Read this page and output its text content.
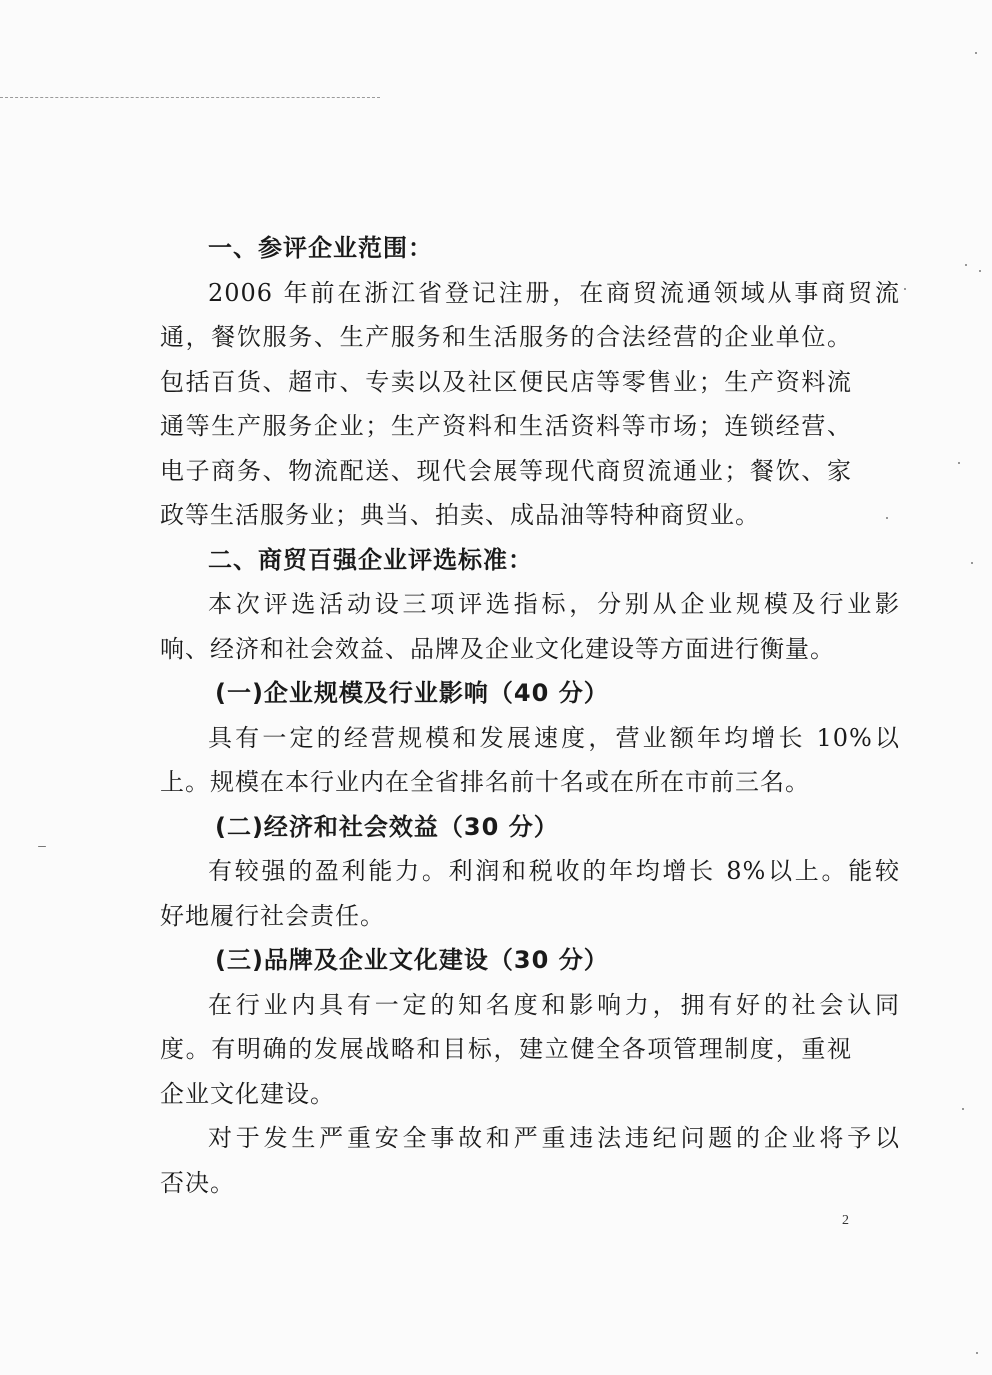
一、参评企业范围：
2006 年前在浙江省登记注册，在商贸流通领域从事商贸流
通，餐饮服务、生产服务和生活服务的合法经营的企业单位。
包括百货、超市、专卖以及社区便民店等零售业；生产资料流
通等生产服务企业；生产资料和生活资料等市场；连锁经营、
电子商务、物流配送、现代会展等现代商贸流通业；餐饮、家
政等生活服务业；典当、拍卖、成品油等特种商贸业。
二、商贸百强企业评选标准：
本次评选活动设三项评选指标，分别从企业规模及行业影
响、经济和社会效益、品牌及企业文化建设等方面进行衡量。
(一)企业规模及行业影响（40 分）
具有一定的经营规模和发展速度，营业额年均增长 10%以
上。规模在本行业内在全省排名前十名或在所在市前三名。
(二)经济和社会效益（30 分）
有较强的盈利能力。利润和税收的年均增长 8%以上。能较
好地履行社会责任。
(三)品牌及企业文化建设（30 分）
在行业内具有一定的知名度和影响力，拥有好的社会认同
度。有明确的发展战略和目标，建立健全各项管理制度，重视
企业文化建设。
对于发生严重安全事故和严重违法违纪问题的企业将予以
否决。
2
